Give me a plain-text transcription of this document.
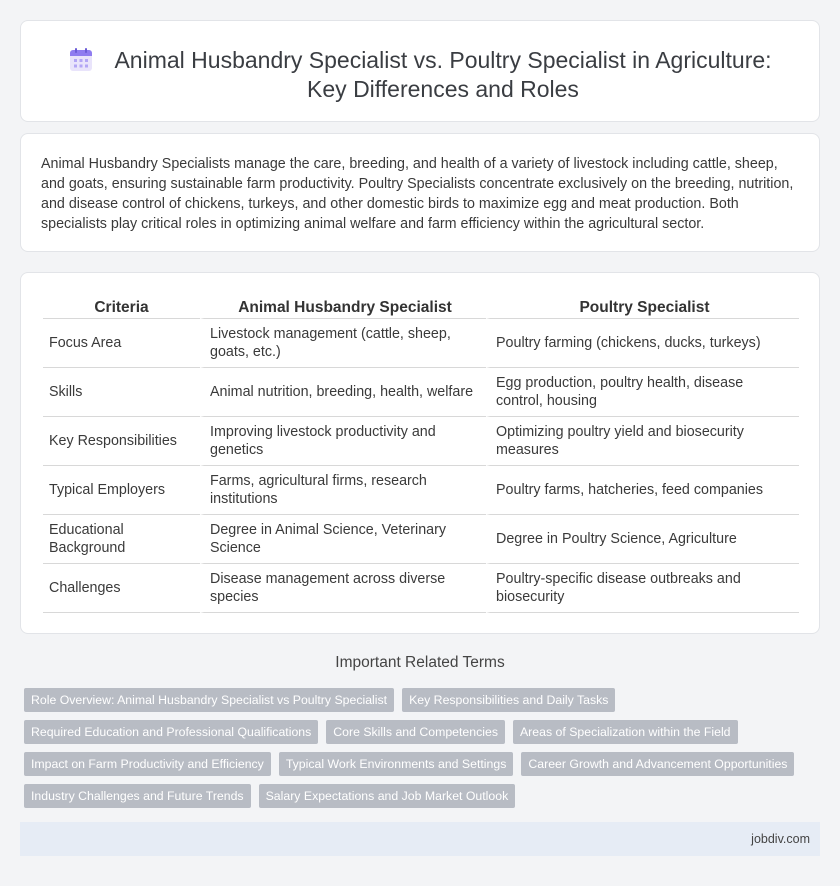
Animal Husbandry Specialist vs. Poultry Specialist in Agriculture:
Key Differences and Roles

Animal Husbandry Specialists manage the care, breeding, and health of a variety of livestock including cattle, sheep, and goats, ensuring sustainable farm productivity. Poultry Specialists concentrate exclusively on the breeding, nutrition, and disease control of chickens, turkeys, and other domestic birds to maximize egg and meat production. Both specialists play critical roles in optimizing animal welfare and farm efficiency within the agricultural sector.

Criteria	Animal Husbandry Specialist	Poultry Specialist
Focus Area	Livestock management (cattle, sheep, goats, etc.)	Poultry farming (chickens, ducks, turkeys)
Skills	Animal nutrition, breeding, health, welfare	Egg production, poultry health, disease control, housing
Key Responsibilities	Improving livestock productivity and genetics	Optimizing poultry yield and biosecurity measures
Typical Employers	Farms, agricultural firms, research institutions	Poultry farms, hatcheries, feed companies
Educational Background	Degree in Animal Science, Veterinary Science	Degree in Poultry Science, Agriculture
Challenges	Disease management across diverse species	Poultry-specific disease outbreaks and biosecurity
Important Related Terms
Role Overview: Animal Husbandry Specialist vs Poultry Specialist	Key Responsibilities and Daily Tasks
Required Education and Professional Qualifications	Core Skills and Competencies	Areas of Specialization within the Field
Impact on Farm Productivity and Efficiency	Typical Work Environments and Settings	Career Growth and Advancement Opportunities
Industry Challenges and Future Trends	Salary Expectations and Job Market Outlook
jobdiv.com
